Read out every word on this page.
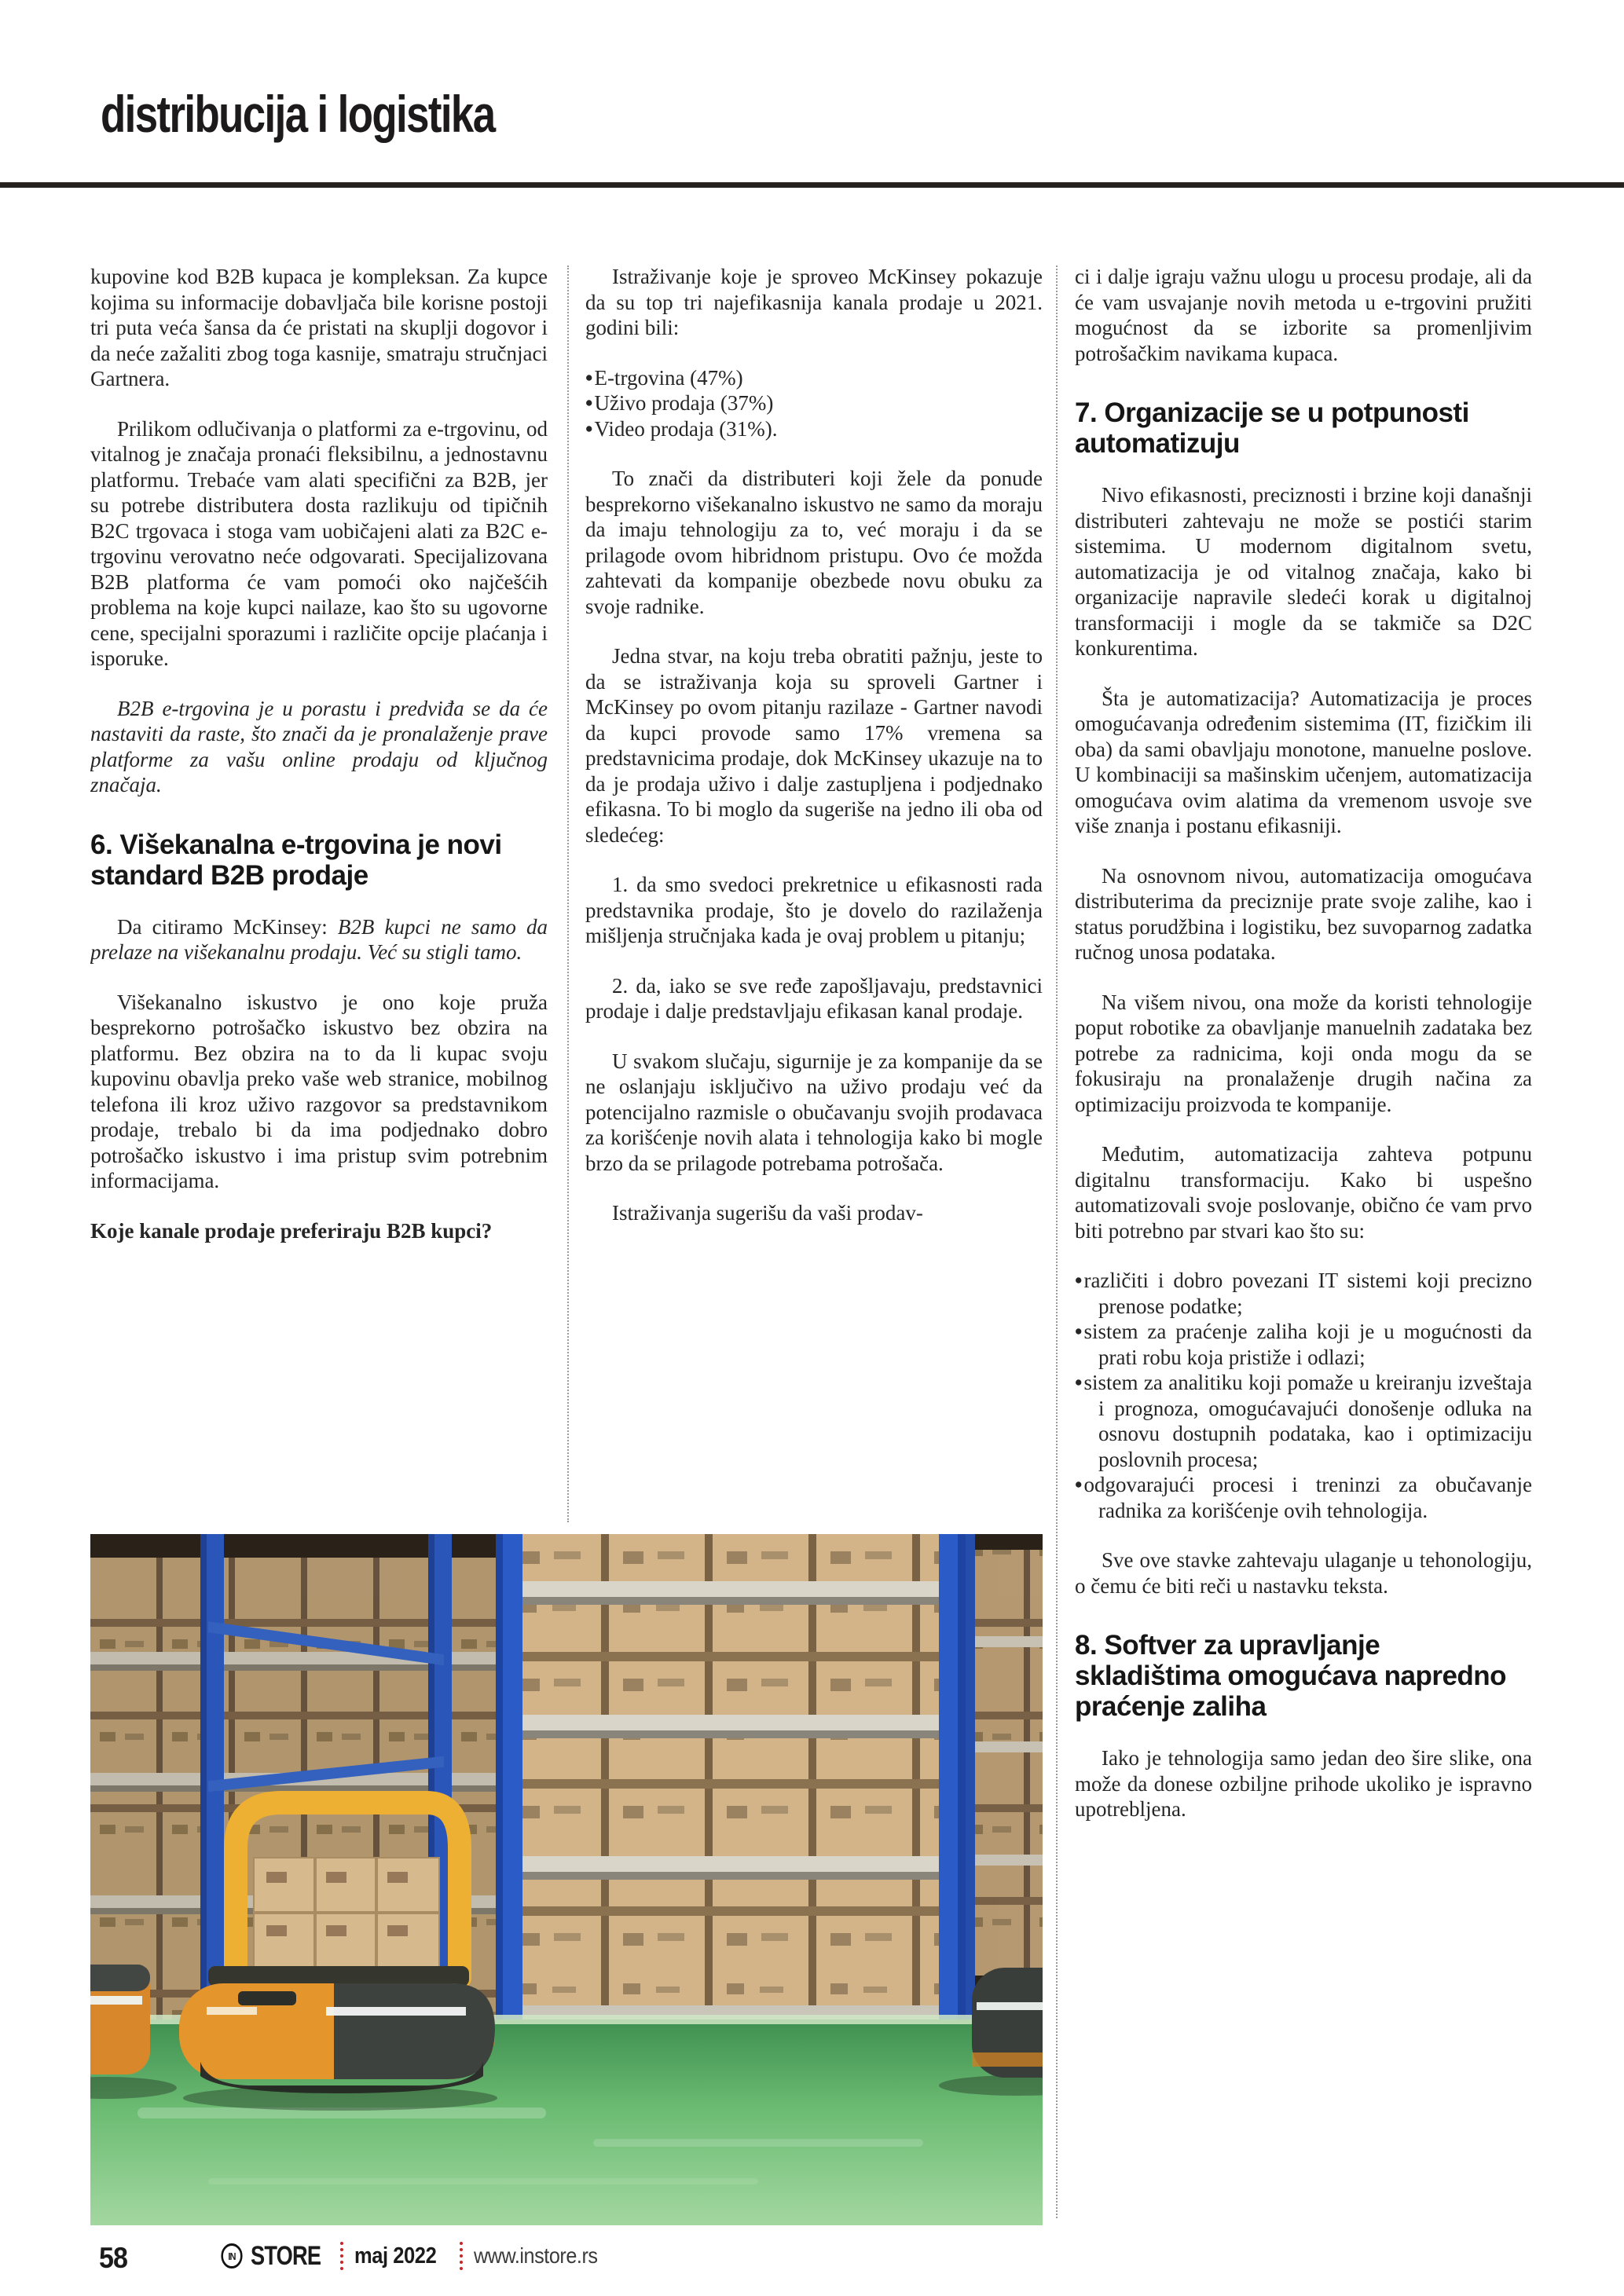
distribucija i logistika
kupovine kod B2B kupaca je kompleksan. Za kupce kojima su informacije dobavljača bile korisne postoji tri puta veća šansa da će pristati na skuplji dogovor i da neće zažaliti zbog toga kasnije, smatraju stručnjaci Gartnera.
Prilikom odlučivanja o platformi za e-trgovinu, od vitalnog je značaja pronaći fleksibilnu, a jednostavnu platformu. Trebaće vam alati specifični za B2B, jer su potrebe distributera dosta razlikuju od tipičnih B2C trgovaca i stoga vam uobičajeni alati za B2C e-trgovinu verovatno neće odgovarati. Specijalizovana B2B platforma će vam pomoći oko najčešćih problema na koje kupci nailaze, kao što su ugovorne cene, specijalni sporazumi i različite opcije plaćanja i isporuke.
B2B e-trgovina je u porastu i predviđa se da će nastaviti da raste, što znači da je pronalaženje prave platforme za vašu online prodaju od ključnog značaja.
6. Višekanalna e-trgovina je novi standard B2B prodaje
Da citiramo McKinsey: B2B kupci ne samo da prelaze na višekanalnu prodaju. Već su stigli tamo.
Višekanalno iskustvo je ono koje pruža besprekorno potrošačko iskustvo bez obzira na platformu. Bez obzira na to da li kupac svoju kupovinu obavlja preko vaše web stranice, mobilnog telefona ili kroz uživo razgovor sa predstavnikom prodaje, trebalo bi da ima podjednako dobro potrošačko iskustvo i ima pristup svim potrebnim informacijama.
Koje kanale prodaje preferiraju B2B kupci?
Istraživanje koje je sproveo McKinsey pokazuje da su top tri najefikasnija kanala prodaje u 2021. godini bili:
•E-trgovina (47%)
•Uživo prodaja (37%)
•Video prodaja (31%).
To znači da distributeri koji žele da ponude besprekorno višekanalno iskustvo ne samo da moraju da imaju tehnologiju za to, već moraju i da se prilagode ovom hibridnom pristupu. Ovo će možda zahtevati da kompanije obezbede novu obuku za svoje radnike.
Jedna stvar, na koju treba obratiti pažnju, jeste to da se istraživanja koja su sproveli Gartner i McKinsey po ovom pitanju razilaze - Gartner navodi da kupci provode samo 17% vremena sa predstavnicima prodaje, dok McKinsey ukazuje na to da je prodaja uživo i dalje zastupljena i podjednako efikasna. To bi moglo da sugeriše na jedno ili oba od sledećeg:
1. da smo svedoci prekretnice u efikasnosti rada predstavnika prodaje, što je dovelo do razilaženja mišljenja stručnjaka kada je ovaj problem u pitanju;
2. da, iako se sve ređe zapošljavaju, predstavnici prodaje i dalje predstavljaju efikasan kanal prodaje.
U svakom slučaju, sigurnije je za kompanije da se ne oslanjaju isključivo na uživo prodaju već da potencijalno razmisle o obučavanju svojih prodavaca za korišćenje novih alata i tehnologija kako bi mogle brzo da se prilagode potrebama potrošača.
Istraživanja sugerišu da vaši prodav-
ci i dalje igraju važnu ulogu u procesu prodaje, ali da će vam usvajanje novih metoda u e-trgovini pružiti mogućnost da se izborite sa promenljivim potrošačkim navikama kupaca.
7. Organizacije se u potpunosti automatizuju
Nivo efikasnosti, preciznosti i brzine koji današnji distributeri zahtevaju ne može se postići starim sistemima. U modernom digitalnom svetu, automatizacija je od vitalnog značaja, kako bi organizacije napravile sledeći korak u digitalnoj transformaciji i mogle da se takmiče sa D2C konkurentima.
Šta je automatizacija? Automatizacija je proces omogućavanja određenim sistemima (IT, fizičkim ili oba) da sami obavljaju monotone, manuelne poslove. U kombinaciji sa mašinskim učenjem, automatizacija omogućava ovim alatima da vremenom usvoje sve više znanja i postanu efikasniji.
Na osnovnom nivou, automatizacija omogućava distributerima da preciznije prate svoje zalihe, kao i status porudžbina i logistiku, bez suvoparnog zadatka ručnog unosa podataka.
Na višem nivou, ona može da koristi tehnologije poput robotike za obavljanje manuelnih zadataka bez potrebe za radnicima, koji onda mogu da se fokusiraju na pronalaženje drugih načina za optimizaciju proizvoda te kompanije.
Međutim, automatizacija zahteva potpunu digitalnu transformaciju. Kako bi uspešno automatizovali svoje poslovanje, obično će vam prvo biti potrebno par stvari kao što su:
•različiti i dobro povezani IT sistemi koji precizno prenose podatke;
•sistem za praćenje zaliha koji je u mogućnosti da prati robu koja pristiže i odlazi;
•sistem za analitiku koji pomaže u kreiranju izveštaja i prognoza, omogućavajući donošenje odluka na osnovu dostupnih podataka, kao i optimizaciju poslovnih procesa;
•odgovarajući procesi i treninzi za obučavanje radnika za korišćenje ovih tehnologija.
Sve ove stavke zahtevaju ulaganje u tehonologiju, o čemu će biti reči u nastavku teksta.
8. Softver za upravljanje skladištima omogućava napredno praćenje zaliha
Iako je tehnologija samo jedan deo šire slike, ona može da donese ozbiljne prihode ukoliko je ispravno upotrebljena.
58	IN STORE maj 2022 www.instore.rs
